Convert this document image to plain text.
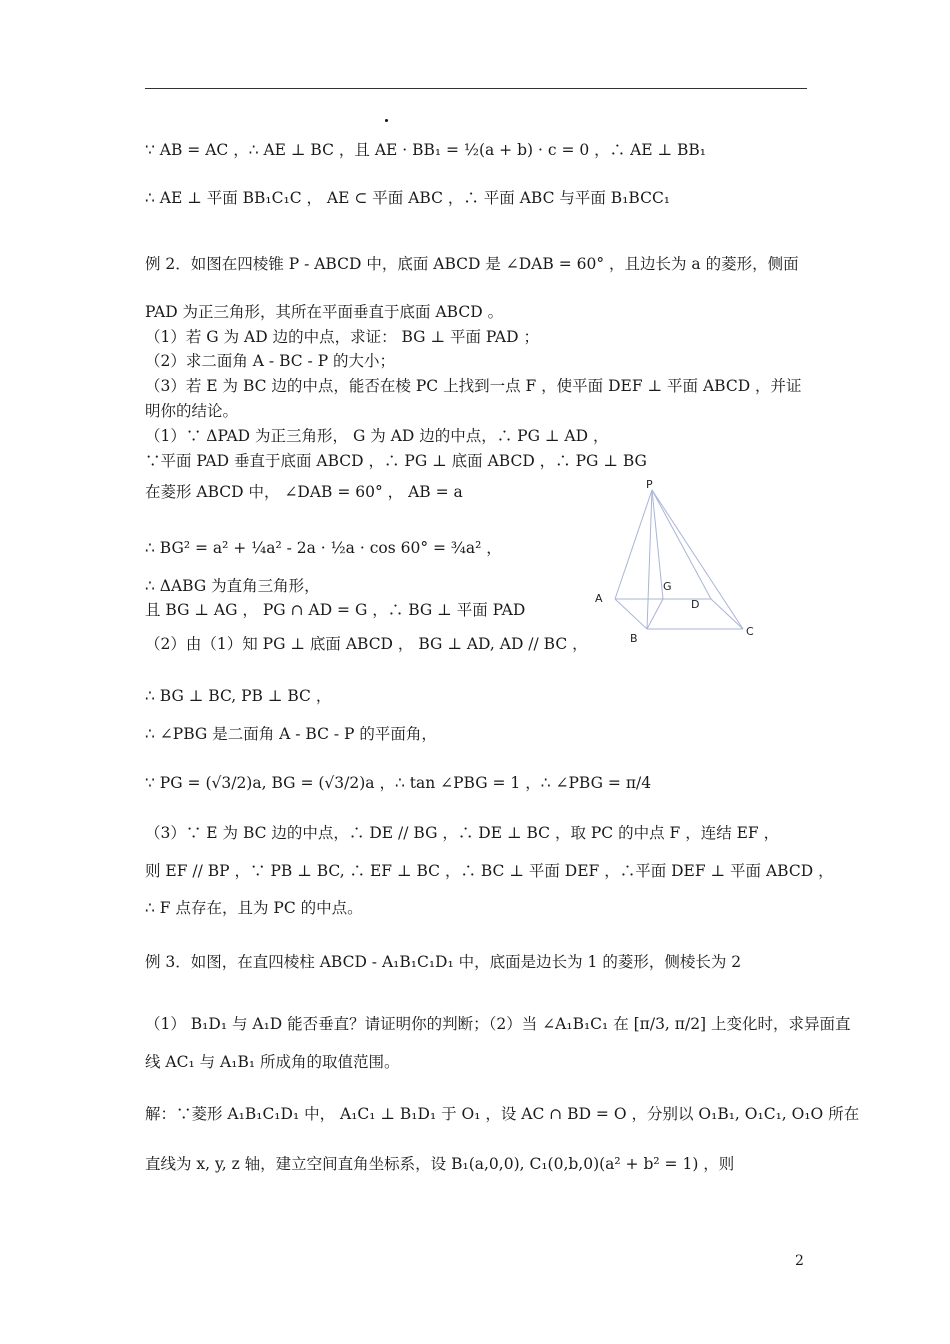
∵ AB = AC ，∴ AE ⊥ BC ，且 AE · BB₁ = ½(a + b) · c = 0 ，∴ AE ⊥ BB₁
∴ AE ⊥ 平面 BB₁C₁C ， AE ⊂ 平面 ABC ，∴ 平面 ABC 与平面 B₁BCC₁
例 2．如图在四棱锥 P - ABCD 中，底面 ABCD 是 ∠DAB = 60° ，且边长为 a 的菱形，侧面
PAD 为正三角形，其所在平面垂直于底面 ABCD 。
（1）若 G 为 AD 边的中点，求证： BG ⊥ 平面 PAD ；
（2）求二面角 A - BC - P 的大小；
（3）若 E 为 BC 边的中点，能否在棱 PC 上找到一点 F ，使平面 DEF ⊥ 平面 ABCD ，并证
明你的结论。
（1）∵ ΔPAD 为正三角形， G 为 AD 边的中点，∴ PG ⊥ AD ，
∵平面 PAD 垂直于底面 ABCD ，∴ PG ⊥ 底面 ABCD ，∴ PG ⊥ BG
在菱形 ABCD 中， ∠DAB = 60° ， AB = a
∴ BG² = a² + ¼a² - 2a · ½a · cos 60° = ¾a² ，
∴ ΔABG 为直角三角形，
且 BG ⊥ AG ， PG ∩ AD = G ，∴ BG ⊥ 平面 PAD
（2）由（1）知 PG ⊥ 底面 ABCD ， BG ⊥ AD, AD // BC ，
∴ BG ⊥ BC, PB ⊥ BC ，
∴ ∠PBG 是二面角 A - BC - P 的平面角，
∵ PG = (√3/2)a, BG = (√3/2)a ，∴ tan ∠PBG = 1 ，∴ ∠PBG = π/4
（3）∵ E 为 BC 边的中点，∴ DE // BG ，∴ DE ⊥ BC ，取 PC 的中点 F ，连结 EF ，
则 EF // BP ，∵ PB ⊥ BC, ∴ EF ⊥ BC ，∴ BC ⊥ 平面 DEF ，∴平面 DEF ⊥ 平面 ABCD ，
∴ F 点存在，且为 PC 的中点。
例 3．如图，在直四棱柱 ABCD - A₁B₁C₁D₁ 中，底面是边长为 1 的菱形，侧棱长为 2
（1） B₁D₁ 与 A₁D 能否垂直？请证明你的判断；（2）当 ∠A₁B₁C₁ 在 [π/3, π/2] 上变化时，求异面直
线 AC₁ 与 A₁B₁ 所成角的取值范围。
解：∵菱形 A₁B₁C₁D₁ 中， A₁C₁ ⊥ B₁D₁ 于 O₁ ，设 AC ∩ BD = O ，分别以 O₁B₁, O₁C₁, O₁O 所在
直线为 x, y, z 轴，建立空间直角坐标系，设 B₁(a,0,0), C₁(0,b,0)(a² + b² = 1) ，则
P
A
B
C
D
G
2
